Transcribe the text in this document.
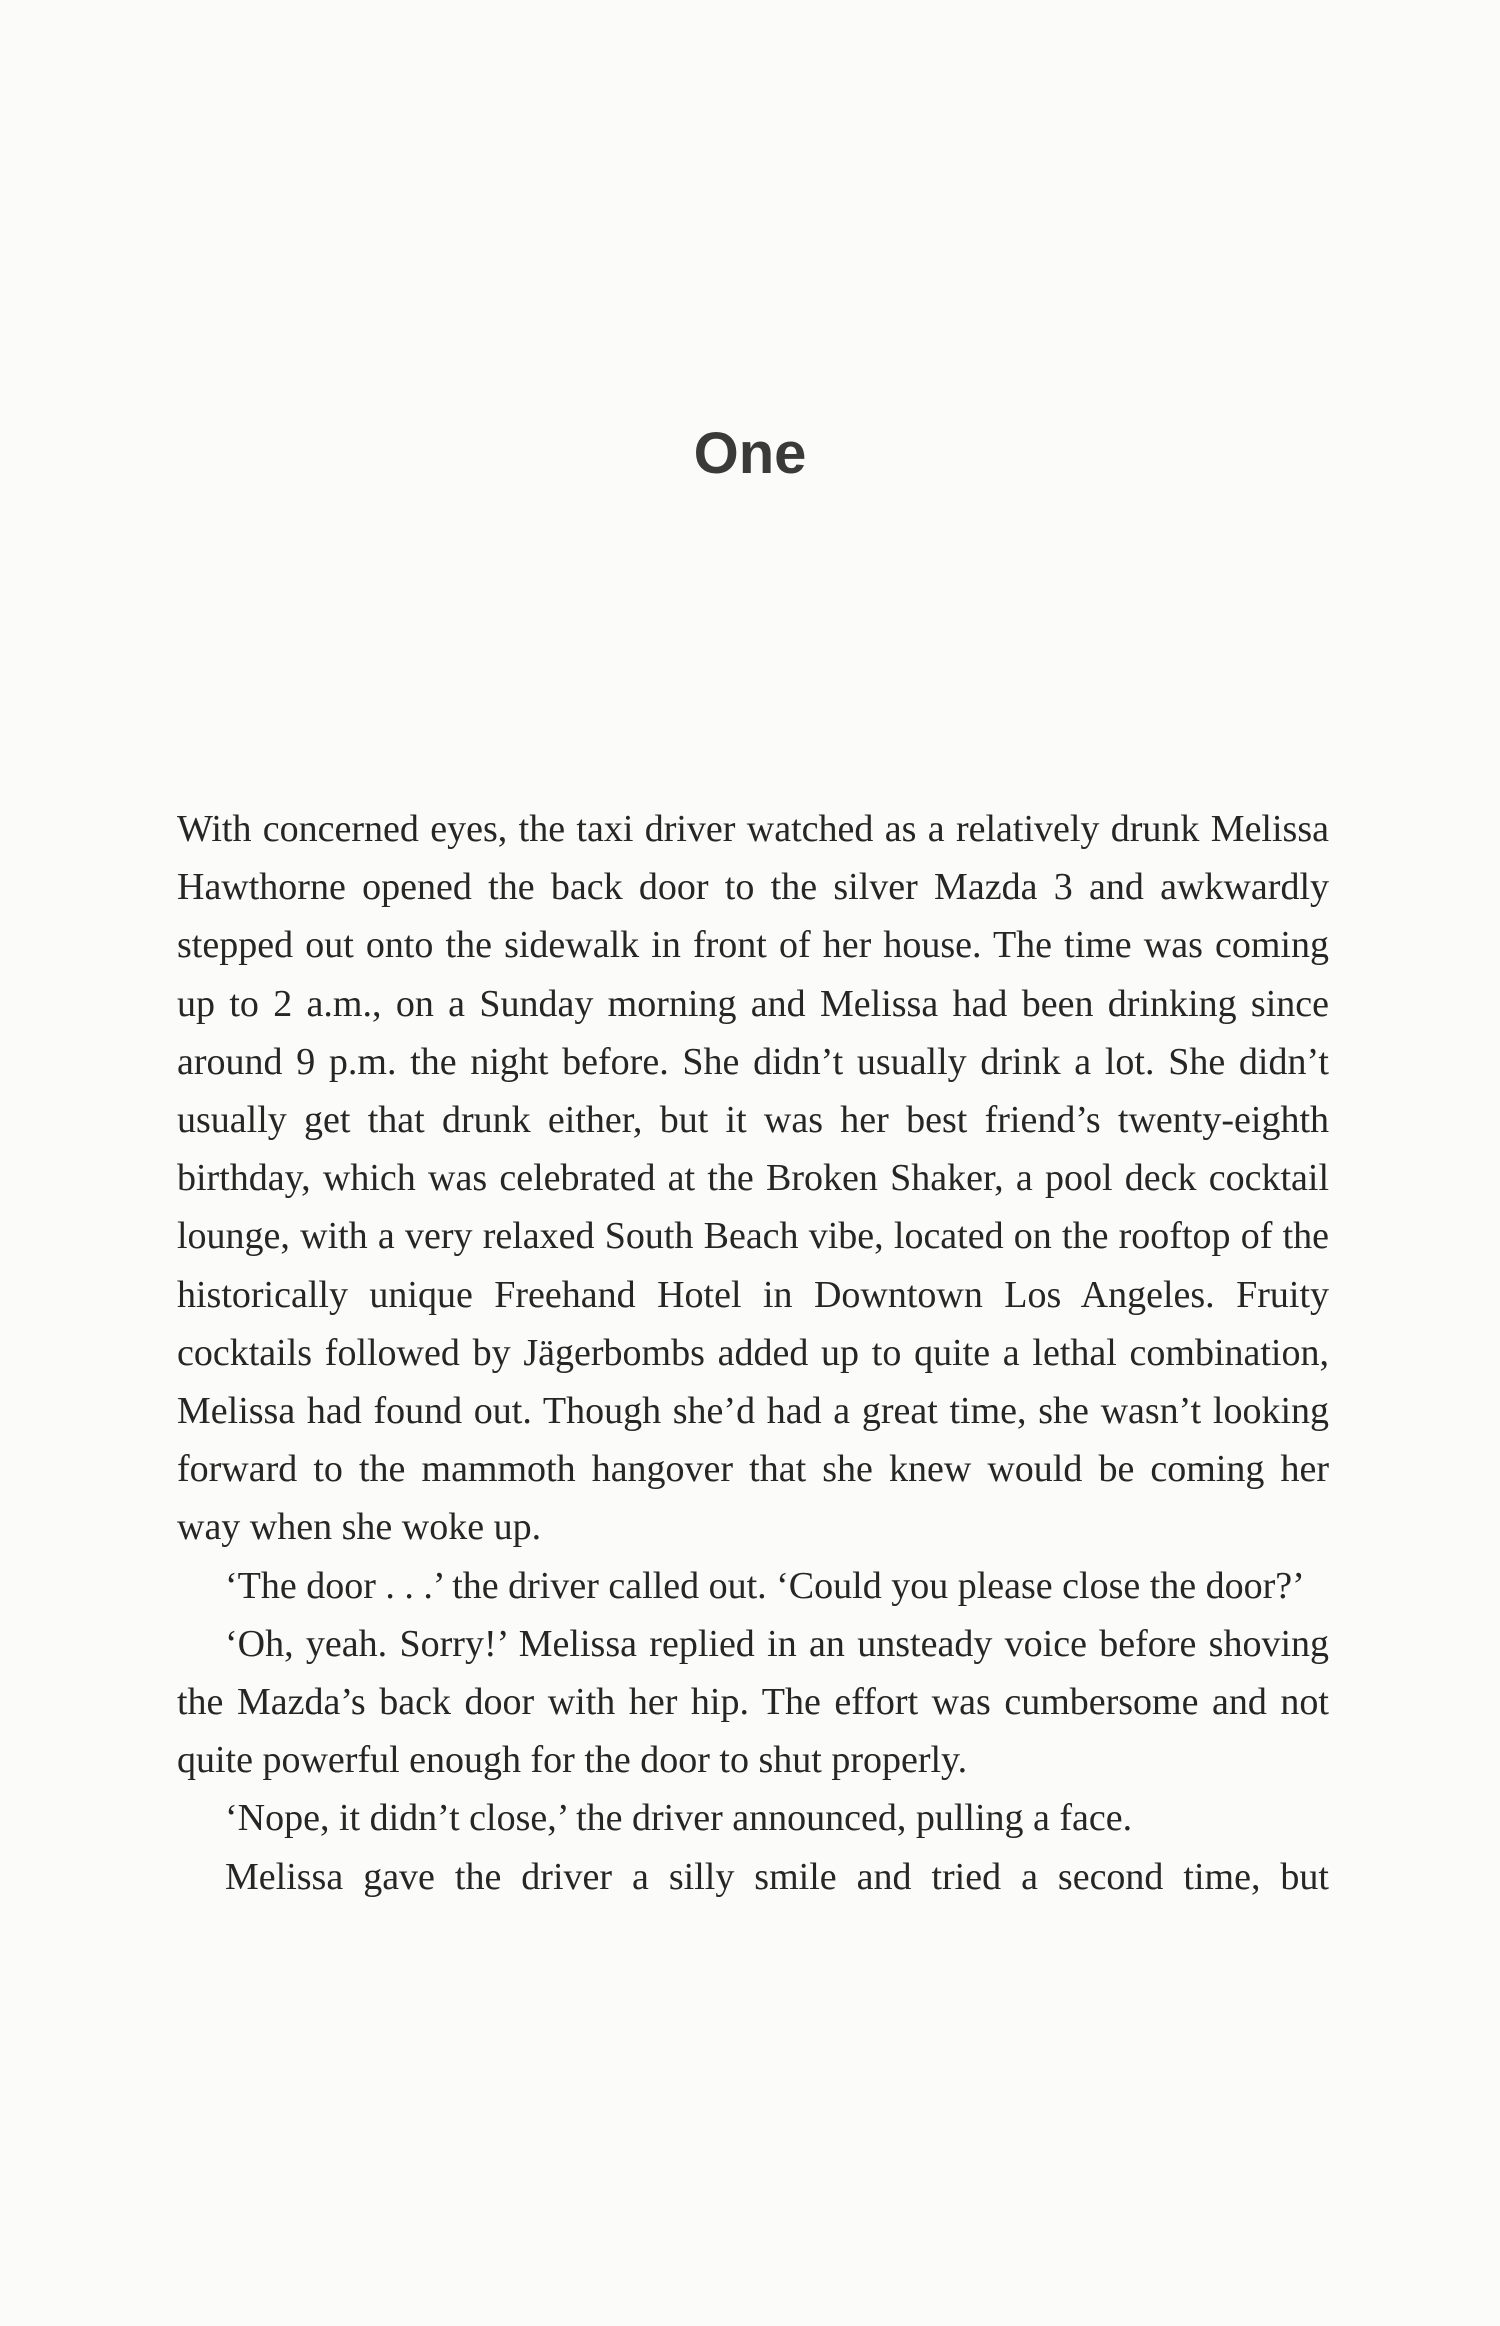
One

With concerned eyes, the taxi driver watched as a relatively drunk Melissa Hawthorne opened the back door to the silver Mazda 3 and awkwardly stepped out onto the sidewalk in front of her house. The time was coming up to 2 a.m., on a Sunday morning and Melissa had been drinking since around 9 p.m. the night before. She didn’t usually drink a lot. She didn’t usually get that drunk either, but it was her best friend’s twenty-eighth birthday, which was celebrated at the Broken Shaker, a pool deck cocktail lounge, with a very relaxed South Beach vibe, located on the rooftop of the historically unique Freehand Hotel in Downtown Los Angeles. Fruity cocktails followed by Jägerbombs added up to quite a lethal combination, Melissa had found out. Though she’d had a great time, she wasn’t looking forward to the mammoth hangover that she knew would be coming her way when she woke up.

‘The door . . .’ the driver called out. ‘Could you please close the door?’

‘Oh, yeah. Sorry!’ Melissa replied in an unsteady voice before shoving the Mazda’s back door with her hip. The effort was cumbersome and not quite powerful enough for the door to shut properly.

‘Nope, it didn’t close,’ the driver announced, pulling a face.

Melissa gave the driver a silly smile and tried a second time, but
